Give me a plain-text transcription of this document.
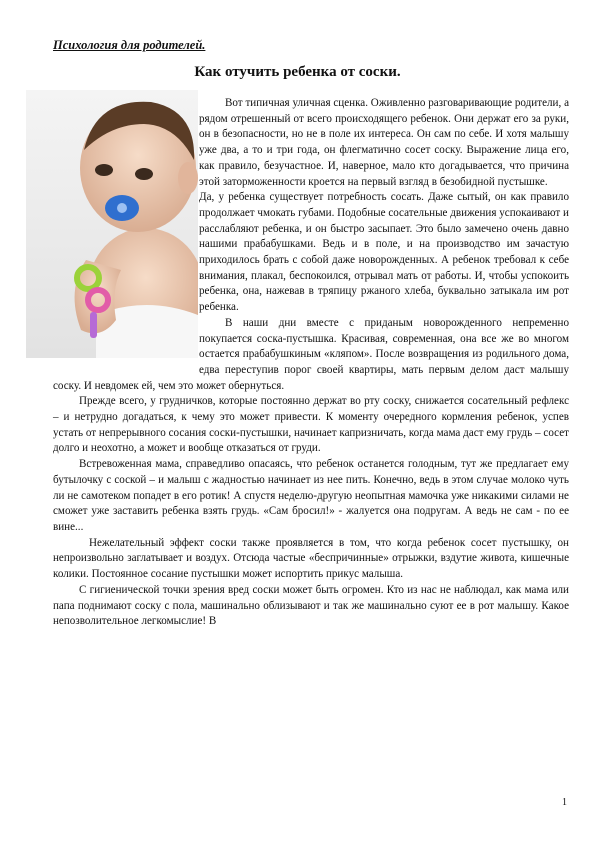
Психология для родителей.
Как отучить ребенка от соски.

Вот типичная уличная сценка. Оживленно разговаривающие родители, а рядом отрешенный от всего происходящего ребенок. Они держат его за руки, он в безопасности, но не в поле их интереса. Он сам по себе. И хотя малышу уже два, а то и три года, он флегматично сосет соску. Выражение лица его, как правило, безучастное. И, наверное, мало кто догадывается, что причина этой заторможенности кроется на первый взгляд в безобидной пустышке.

Да, у ребенка существует потребность сосать. Даже сытый, он как правило продолжает чмокать губами. Подобные сосательные движения успокаивают и расслабляют ребенка, и он быстро засыпает. Это было замечено очень давно нашими прабабушками. Ведь и в поле, и на производство им зачастую приходилось брать с собой даже новорожденных. А ребенок требовал к себе внимания, плакал, беспокоился, отрывал мать от работы. И, чтобы успокоить ребенка, она, нажевав в тряпицу ржаного хлеба, буквально затыкала им рот ребенка.

В наши дни вместе с приданым новорожденного непременно покупается соска-пустышка. Красивая, современная, она все же во многом остается прабабушкиным «кляпом». После возвращения из родильного дома, едва переступив порог своей квартиры, мать первым делом даст малышу соску. И невдомек ей, чем это может обернуться.

Прежде всего, у грудничков, которые постоянно держат во рту соску, снижается сосательный рефлекс – и нетрудно догадаться, к чему это может привести. К моменту очередного кормления ребенок, успев устать от непрерывного сосания соски-пустышки, начинает капризничать, когда мама даст ему грудь – сосет долго и неохотно, а может и вообще отказаться от груди.

Встревоженная мама, справедливо опасаясь, что ребенок останется голодным, тут же предлагает ему бутылочку с соской – и малыш с жадностью начинает из нее пить. Конечно, ведь в этом случае молоко чуть ли не самотеком попадет в его ротик! А спустя неделю-другую неопытная мамочка уже никакими силами не сможет уже заставить ребенка взять грудь. «Сам бросил!» - жалуется она подругам. А ведь не сам - по ее вине...

Нежелательный эффект соски также проявляется в том, что когда ребенок сосет пустышку, он непроизвольно заглатывает и воздух. Отсюда частые «беспричинные» отрыжки, вздутие живота, кишечные колики. Постоянное сосание пустышки может испортить прикус малыша.

С гигиенической точки зрения вред соски может быть огромен. Кто из нас не наблюдал, как мама или папа поднимают соску с пола, машинально облизывают и так же машинально суют ее в рот малышу. Какое непозволительное легкомыслие! В

1
